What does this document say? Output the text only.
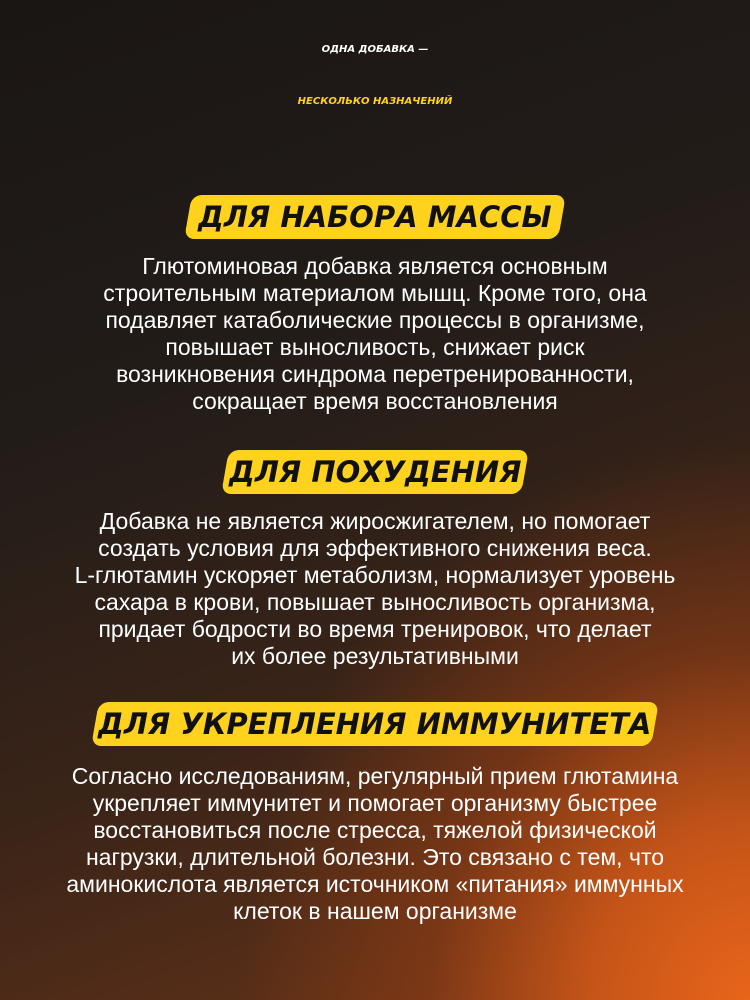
ОДНА ДОБАВКА —
НЕСКОЛЬКО НАЗНАЧЕНИЙ
ДЛЯ НАБОРА МАССЫ

Глютоминовая добавка является основным
строительным материалом мышц. Кроме того, она
подавляет катаболические процессы в организме,
повышает выносливость, снижает риск
возникновения синдрома перетренированности,
сокращает время восстановления

ДЛЯ ПОХУДЕНИЯ

Добавка не является жиросжигателем, но помогает
создать условия для эффективного снижения веса.
L-глютамин ускоряет метаболизм, нормализует уровень
сахара в крови, повышает выносливость организма,
придает бодрости во время тренировок, что делает
их более результативными

ДЛЯ УКРЕПЛЕНИЯ ИММУНИТЕТА

Согласно исследованиям, регулярный прием глютамина
укрепляет иммунитет и помогает организму быстрее
восстановиться после стресса, тяжелой физической
нагрузки, длительной болезни. Это связано с тем, что
аминокислота является источником «питания» иммунных
клеток в нашем организме
